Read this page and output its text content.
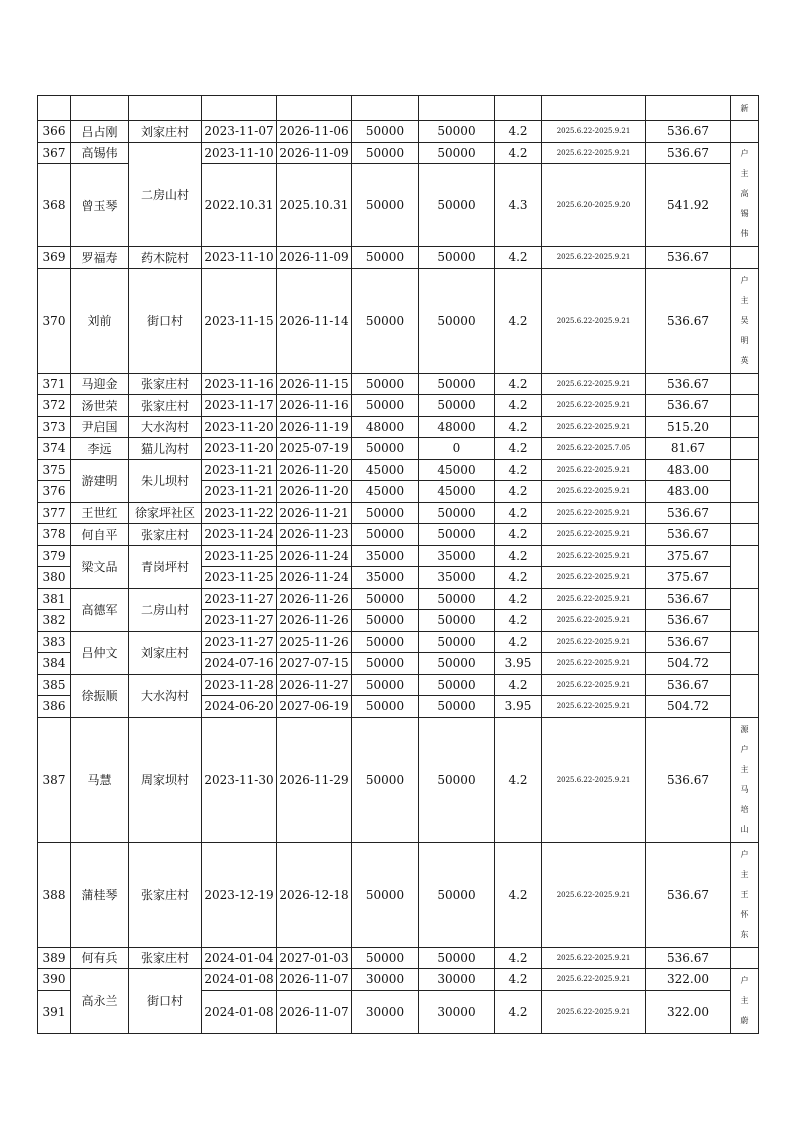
										新
366	吕占刚	刘家庄村	2023-11-07	2026-11-06	50000	50000	4.2	2025.6.22-2025.9.21	536.67	
367	高锡伟	二房山村	2023-11-10	2026-11-09	50000	50000	4.2	2025.6.22-2025.9.21	536.67	户主高锡伟

368	曾玉琴		2022.10.31	2025.10.31	50000	50000	4.3	2025.6.20-2025.9.20	541.92	
369	罗福寿	药木院村	2023-11-10	2026-11-09	50000	50000	4.2	2025.6.22-2025.9.21	536.67	
370	刘前	街口村	2023-11-15	2026-11-14	50000	50000	4.2	2025.6.22-2025.9.21	536.67	户主吴明英

371	马迎金	张家庄村	2023-11-16	2026-11-15	50000	50000	4.2	2025.6.22-2025.9.21	536.67	
372	汤世荣	张家庄村	2023-11-17	2026-11-16	50000	50000	4.2	2025.6.22-2025.9.21	536.67	
373	尹启国	大水沟村	2023-11-20	2026-11-19	48000	48000	4.2	2025.6.22-2025.9.21	515.20	
374	李远	猫儿沟村	2023-11-20	2025-07-19	50000	0	4.2	2025.6.22-2025.7.05	81.67	
375	游建明	朱儿坝村	2023-11-21	2026-11-20	45000	45000	4.2	2025.6.22-2025.9.21	483.00	
376			2023-11-21	2026-11-20	45000	45000	4.2	2025.6.22-2025.9.21	483.00	
377	王世红	徐家坪社区	2023-11-22	2026-11-21	50000	50000	4.2	2025.6.22-2025.9.21	536.67	
378	何自平	张家庄村	2023-11-24	2026-11-23	50000	50000	4.2	2025.6.22-2025.9.21	536.67	
379	梁文品	青岗坪村	2023-11-25	2026-11-24	35000	35000	4.2	2025.6.22-2025.9.21	375.67	
380			2023-11-25	2026-11-24	35000	35000	4.2	2025.6.22-2025.9.21	375.67	
381	高德军	二房山村	2023-11-27	2026-11-26	50000	50000	4.2	2025.6.22-2025.9.21	536.67	
382			2023-11-27	2026-11-26	50000	50000	4.2	2025.6.22-2025.9.21	536.67	
383	吕仲文	刘家庄村	2023-11-27	2025-11-26	50000	50000	4.2	2025.6.22-2025.9.21	536.67	
384			2024-07-16	2027-07-15	50000	50000	3.95	2025.6.22-2025.9.21	504.72	
385	徐振顺	大水沟村	2023-11-28	2026-11-27	50000	50000	4.2	2025.6.22-2025.9.21	536.67	
386			2024-06-20	2027-06-19	50000	50000	3.95	2025.6.22-2025.9.21	504.72	
387	马慧	周家坝村	2023-11-30	2026-11-29	50000	50000	4.2	2025.6.22-2025.9.21	536.67	源户主马培山

388	蒲桂琴	张家庄村	2023-12-19	2026-12-18	50000	50000	4.2	2025.6.22-2025.9.21	536.67	户主王怀东

389	何有兵	张家庄村	2024-01-04	2027-01-03	50000	50000	4.2	2025.6.22-2025.9.21	536.67	
390	高永兰	街口村	2024-01-08	2026-11-07	30000	30000	4.2	2025.6.22-2025.9.21	322.00	户主蔚

391			2024-01-08	2026-11-07	30000	30000	4.2	2025.6.22-2025.9.21	322.00	
